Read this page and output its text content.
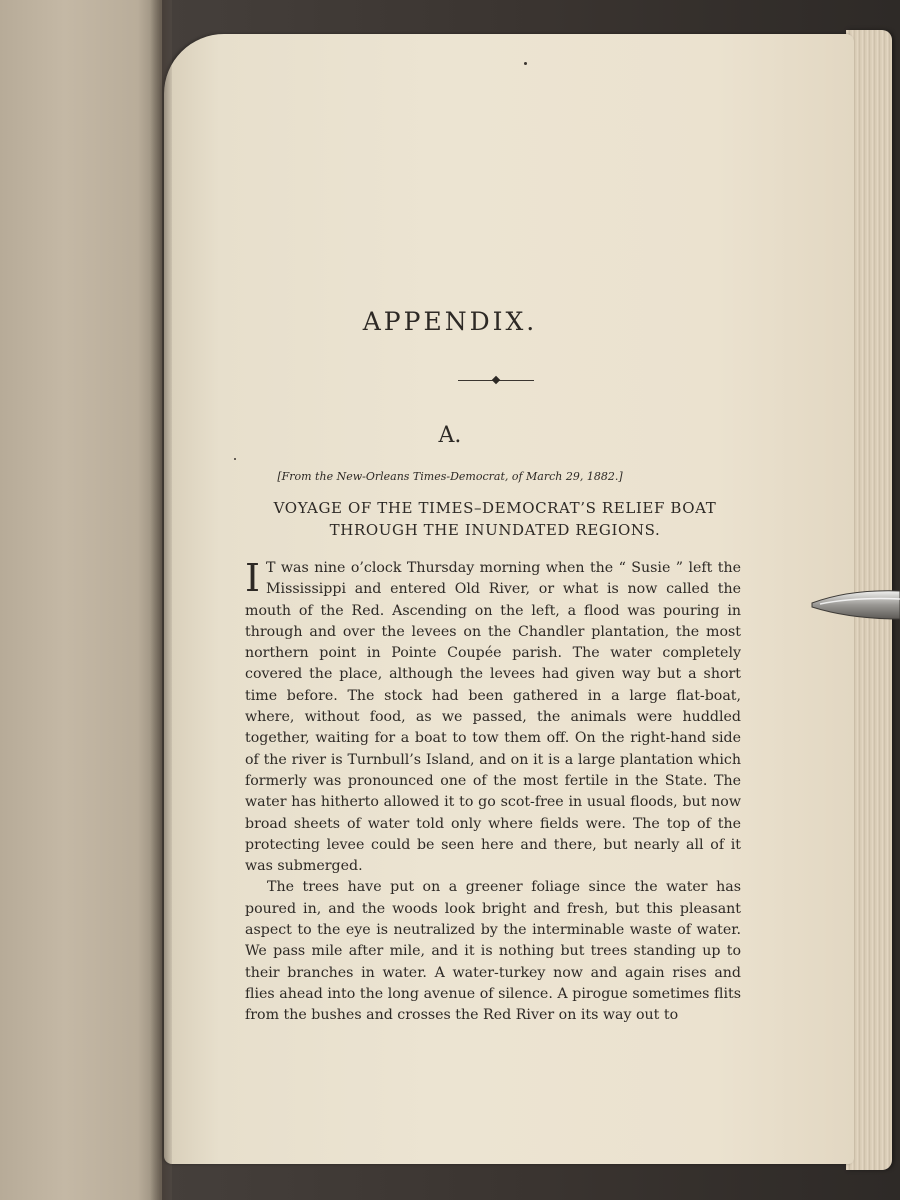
APPENDIX.
A.
[From the New-Orleans Times-Democrat, of March 29, 1882.]
VOYAGE OF THE TIMES–DEMOCRAT’S RELIEF BOAT
THROUGH THE INUNDATED REGIONS.

I T was nine o’clock Thursday morning when the “ Susie ” left the Mississippi and entered Old River, or what is now called the mouth of the Red. Ascending on the left, a flood was pouring in through and over the levees on the Chandler plantation, the most northern point in Pointe Coupée parish. The water completely covered the place, although the levees had given way but a short time before. The stock had been gathered in a large flat-boat, where, without food, as we passed, the animals were huddled together, waiting for a boat to tow them off. On the right-hand side of the river is Turnbull’s Island, and on it is a large plantation which formerly was pronounced one of the most fertile in the State. The water has hitherto allowed it to go scot-free in usual floods, but now broad sheets of water told only where fields were. The top of the protecting levee could be seen here and there, but nearly all of it was submerged.

The trees have put on a greener foliage since the water has poured in, and the woods look bright and fresh, but this pleasant aspect to the eye is neutralized by the interminable waste of water. We pass mile after mile, and it is nothing but trees standing up to their branches in water. A water-turkey now and again rises and flies ahead into the long avenue of silence. A pirogue sometimes flits from the bushes and crosses the Red River on its way out to
